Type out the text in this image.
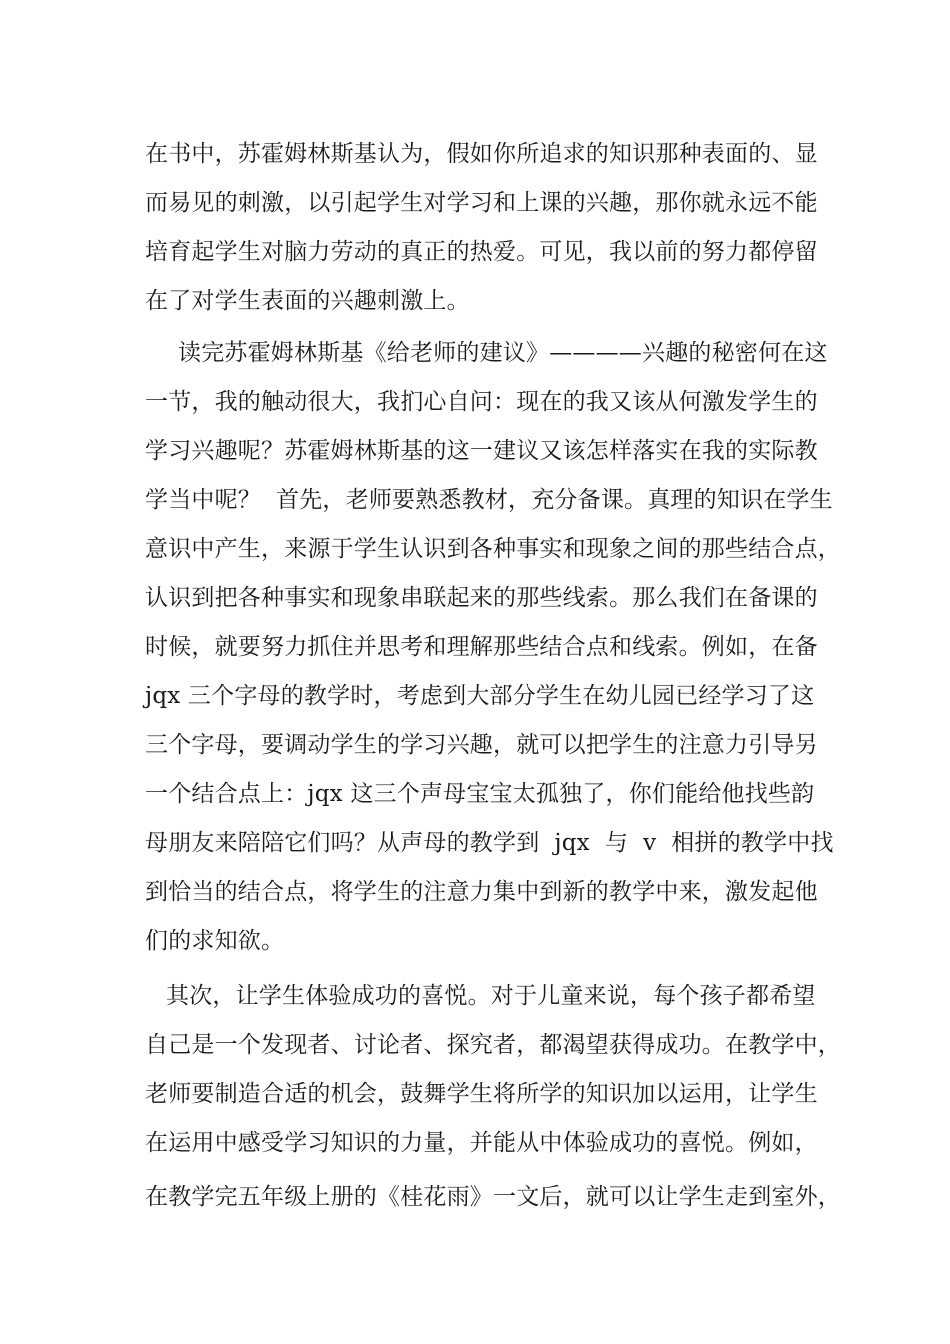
在书中，苏霍姆林斯基认为，假如你所追求的知识那种表面的、显

而易见的刺激，以引起学生对学习和上课的兴趣，那你就永远不能

培育起学生对脑力劳动的真正的热爱。可见，我以前的努力都停留

在了对学生表面的兴趣刺激上。

读完苏霍姆林斯基《给老师的建议》————兴趣的秘密何在这

一节，我的触动很大，我扪心自问：现在的我又该从何激发学生的

学习兴趣呢？苏霍姆林斯基的这一建议又该怎样落实在我的实际教

学当中呢？  首先，老师要熟悉教材，充分备课。真理的知识在学生

意识中产生，来源于学生认识到各种事实和现象之间的那些结合点，

认识到把各种事实和现象串联起来的那些线索。那么我们在备课的

时候，就要努力抓住并思考和理解那些结合点和线索。例如，在备

jqx 三个字母的教学时，考虑到大部分学生在幼儿园已经学习了这

三个字母，要调动学生的学习兴趣，就可以把学生的注意力引导另

一个结合点上：jqx 这三个声母宝宝太孤独了，你们能给他找些韵

母朋友来陪陪它们吗？从声母的教学到  jqx  与  v  相拼的教学中找

到恰当的结合点，将学生的注意力集中到新的教学中来，激发起他

们的求知欲。

其次，让学生体验成功的喜悦。对于儿童来说，每个孩子都希望

自己是一个发现者、讨论者、探究者，都渴望获得成功。在教学中，

老师要制造合适的机会，鼓舞学生将所学的知识加以运用，让学生

在运用中感受学习知识的力量，并能从中体验成功的喜悦。例如，

在教学完五年级上册的《桂花雨》一文后，就可以让学生走到室外，
